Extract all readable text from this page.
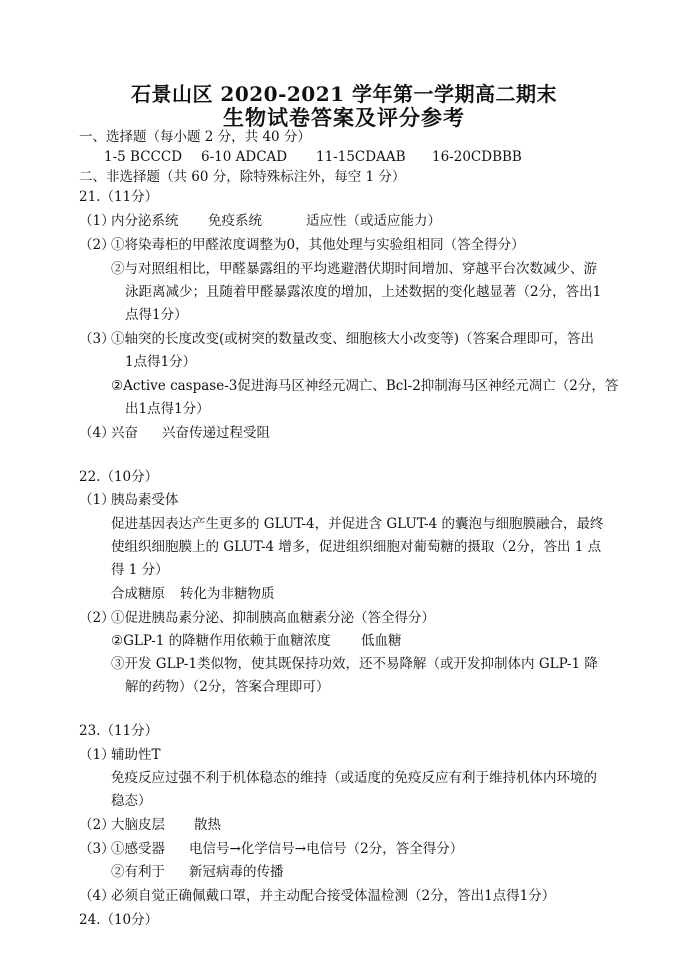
石景山区 2020-2021 学年第一学期高二期末
生物试卷答案及评分参考
一、选择题（每小题 2 分，共 40 分）
1-5 BCCCD 6-10 ADCAD 11-15CDAAB 16-20CDBBB
二、非选择题（共 60 分，除特殊标注外，每空 1 分）
21.（11分）
（1）
内分泌系统 免疫系统	适应性（或适应能力）
（2）
①将染毒柜的甲醛浓度调整为0，其他处理与实验组相同（答全得分）
②与对照组相比，甲醛暴露组的平均逃避潜伏期时间增加、穿越平台次数减少、游
泳距离减少；且随着甲醛暴露浓度的增加，上述数据的变化越显著（2分，答出1
点得1分）
（3）
①轴突的长度改变(或树突的数量改变、细胞核大小改变等)（答案合理即可，答出
1点得1分）
②Active caspase-3促进海马区神经元凋亡、Bcl-2抑制海马区神经元凋亡（2分，答
出1点得1分）
（4）
兴奋 兴奋传递过程受阻
22.（10分）
（1）
胰岛素受体
促进基因表达产生更多的 GLUT-4，并促进含 GLUT-4 的囊泡与细胞膜融合，最终
使组织细胞膜上的 GLUT-4 增多，促进组织细胞对葡萄糖的摄取（2分，答出 1 点
得 1 分）
合成糖原 转化为非糖物质
（2）
①促进胰岛素分泌、抑制胰高血糖素分泌（答全得分）
②GLP-1 的降糖作用依赖于血糖浓度 低血糖
③开发 GLP-1类似物，使其既保持功效，还不易降解（或开发抑制体内 GLP-1 降
解的药物）（2分，答案合理即可）
23.（11分）
（1）
辅助性T
免疫反应过强不利于机体稳态的维持（或适度的免疫反应有利于维持机体内环境的
稳态）
（2）
大脑皮层 散热
（3）
①感受器 电信号→化学信号→电信号（2分，答全得分）
②有利于 新冠病毒的传播
（4）
必须自觉正确佩戴口罩，并主动配合接受体温检测（2分，答出1点得1分）
24.（10分）
